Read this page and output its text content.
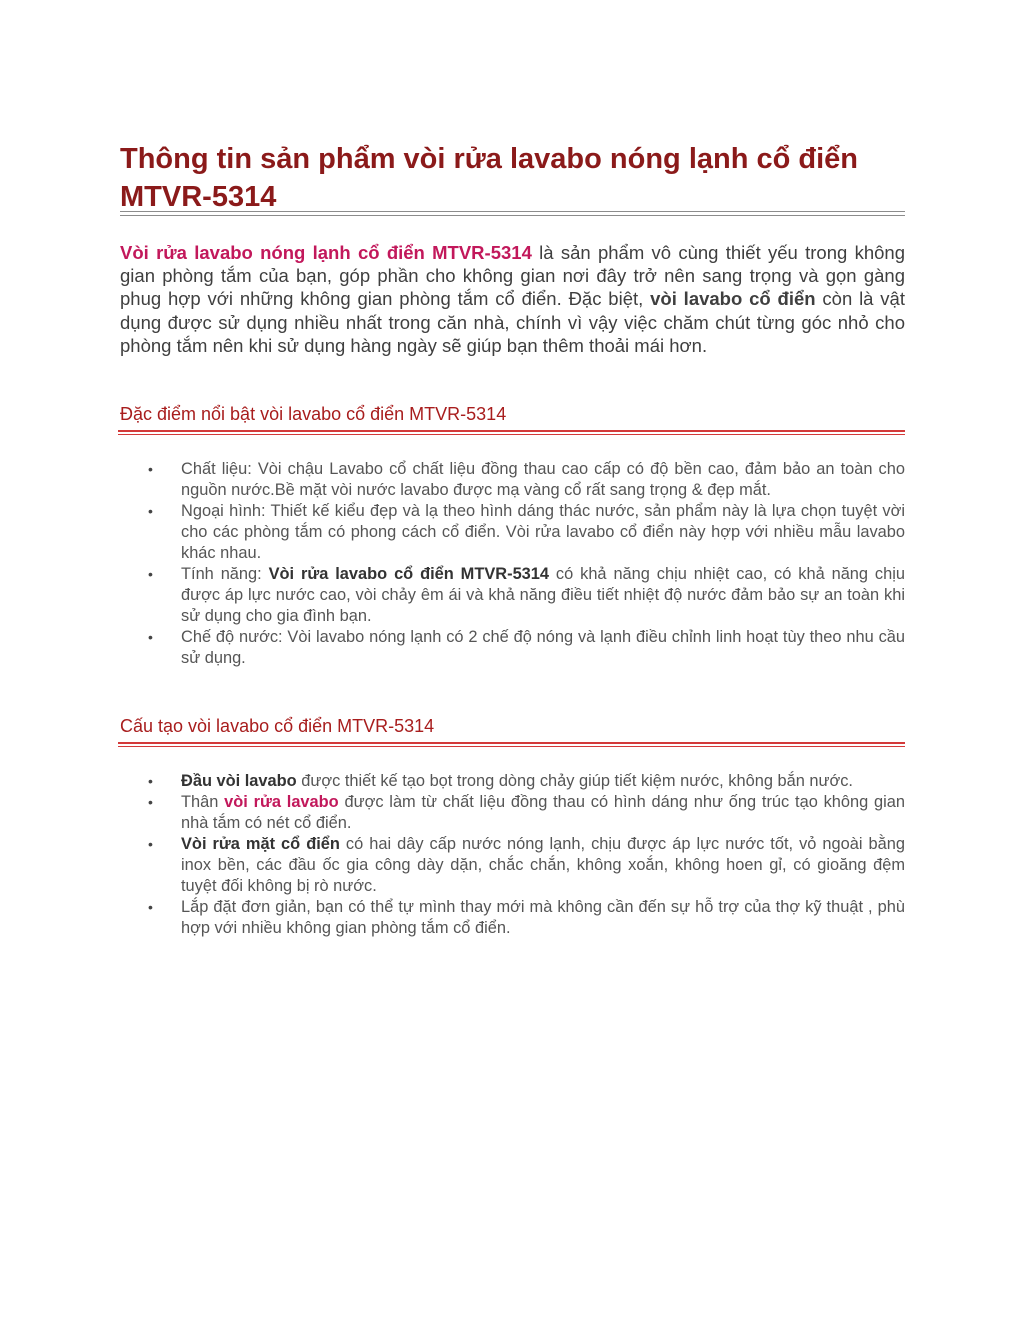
Thông tin sản phẩm vòi rửa lavabo nóng lạnh cổ điển MTVR-5314

Vòi rửa lavabo nóng lạnh cổ điển MTVR-5314 là sản phẩm vô cùng thiết yếu trong không gian phòng tắm của bạn, góp phần cho không gian nơi đây trở nên sang trọng và gọn gàng phug hợp với những không gian phòng tắm cổ điển. Đặc biệt, vòi lavabo cổ điển còn là vật dụng được sử dụng nhiều nhất trong căn nhà, chính vì vậy việc chăm chút từng góc nhỏ cho phòng tắm nên khi sử dụng hàng ngày sẽ giúp bạn thêm thoải mái hơn.

Đặc điểm nổi bật vòi lavabo cổ điển MTVR-5314
• Chất liệu: Vòi chậu Lavabo cổ chất liệu đồng thau cao cấp có độ bền cao, đảm bảo an toàn cho nguồn nước.Bề mặt vòi nước lavabo được mạ vàng cổ rất sang trọng & đẹp mắt.
• Ngoại hình: Thiết kế kiểu đẹp và lạ theo hình dáng thác nước, sản phẩm này là lựa chọn tuyệt vời cho các phòng tắm có phong cách cổ điển. Vòi rửa lavabo cổ điển này hợp với nhiều mẫu lavabo khác nhau.
• Tính năng: Vòi rửa lavabo cổ điển MTVR-5314 có khả năng chịu nhiệt cao, có khả năng chịu được áp lực nước cao, vòi chảy êm ái và khả năng điều tiết nhiệt độ nước đảm bảo sự an toàn khi sử dụng cho gia đình bạn.
• Chế độ nước: Vòi lavabo nóng lạnh có 2 chế độ nóng và lạnh điều chỉnh linh hoạt tùy theo nhu cầu sử dụng.
Cấu tạo vòi lavabo cổ điển MTVR-5314
• Đầu vòi lavabo được thiết kế tạo bọt trong dòng chảy giúp tiết kiệm nước, không bắn nước.
• Thân vòi rửa lavabo được làm từ chất liệu đồng thau có hình dáng như ống trúc tạo không gian nhà tắm có nét cổ điển.
• Vòi rửa mặt cổ điển có hai dây cấp nước nóng lạnh, chịu được áp lực nước tốt, vỏ ngoài bằng inox bền, các đầu ốc gia công dày dặn, chắc chắn, không xoắn, không hoen gỉ, có gioăng đệm tuyệt đối không bị rò nước.
• Lắp đặt đơn giản, bạn có thể tự mình thay mới mà không cần đến sự hỗ trợ của thợ kỹ thuật , phù hợp với nhiều không gian phòng tắm cổ điển.
